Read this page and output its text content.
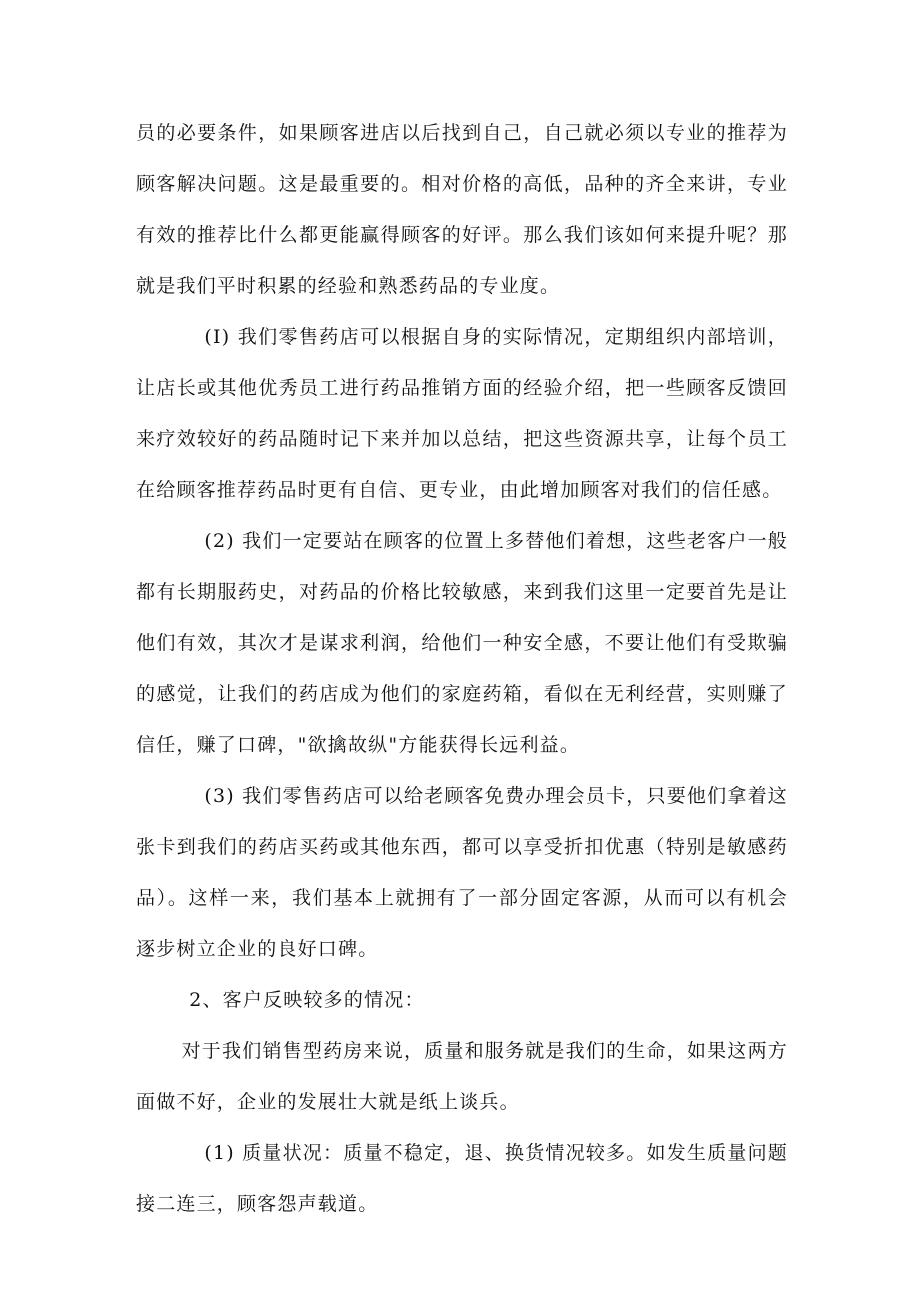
员的必要条件，如果顾客进店以后找到自己，自己就必须以专业的推荐为顾客解决问题。这是最重要的。相对价格的高低，品种的齐全来讲，专业有效的推荐比什么都更能赢得顾客的好评。那么我们该如何来提升呢？那就是我们平时积累的经验和熟悉药品的专业度。

(I) 我们零售药店可以根据自身的实际情况，定期组织内部培训，让店长或其他优秀员工进行药品推销方面的经验介绍，把一些顾客反馈回来疗效较好的药品随时记下来并加以总结，把这些资源共享，让每个员工在给顾客推荐药品时更有自信、更专业，由此增加顾客对我们的信任感。

(2) 我们一定要站在顾客的位置上多替他们着想，这些老客户一般都有长期服药史，对药品的价格比较敏感，来到我们这里一定要首先是让他们有效，其次才是谋求利润，给他们一种安全感，不要让他们有受欺骗的感觉，让我们的药店成为他们的家庭药箱，看似在无利经营，实则赚了信任，赚了口碑，"欲擒故纵"方能获得长远利益。

(3) 我们零售药店可以给老顾客免费办理会员卡，只要他们拿着这张卡到我们的药店买药或其他东西，都可以享受折扣优惠（特别是敏感药品）。这样一来，我们基本上就拥有了一部分固定客源，从而可以有机会逐步树立企业的良好口碑。

2、客户反映较多的情况：

对于我们销售型药房来说，质量和服务就是我们的生命，如果这两方面做不好，企业的发展壮大就是纸上谈兵。

(1) 质量状况：质量不稳定，退、换货情况较多。如发生质量问题接二连三，顾客怨声载道。
